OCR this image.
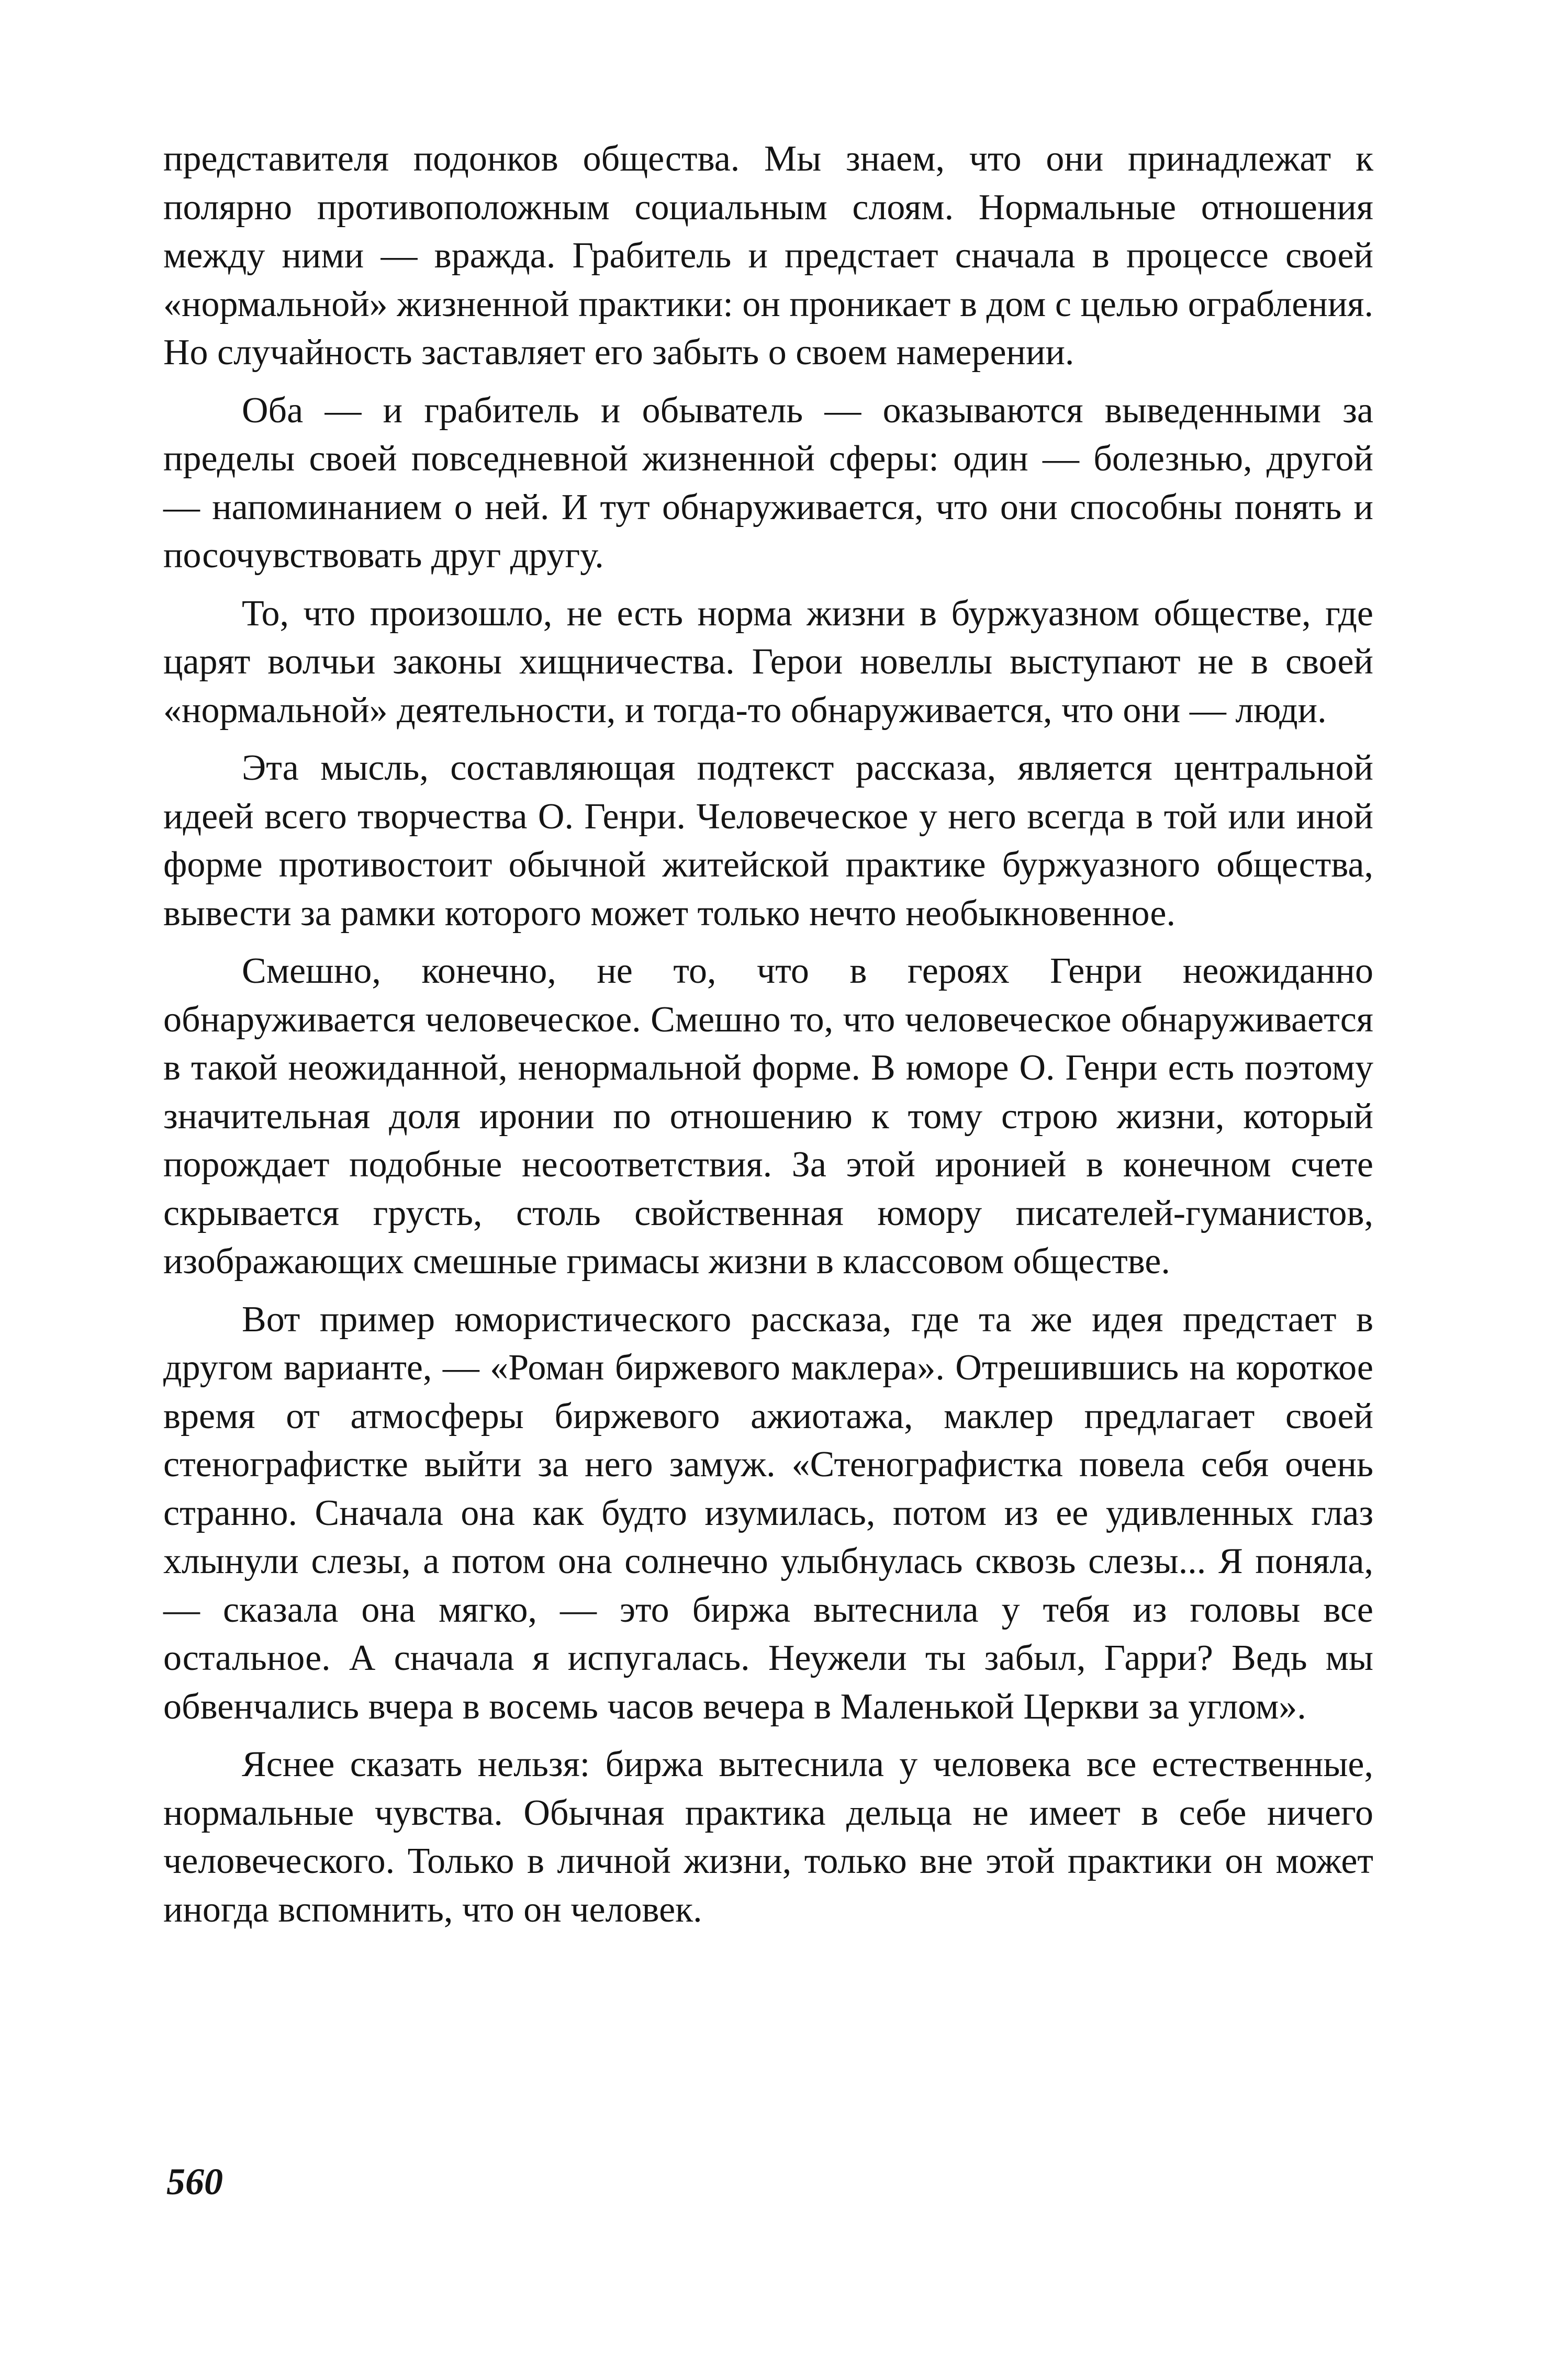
представителя подонков общества. Мы знаем, что они принадлежат к полярно противоположным социальным слоям. Нормальные отношения между ними — вражда. Грабитель и предстает сначала в процессе своей «нормальной» жизненной практики: он проникает в дом с целью ограбления. Но случайность заставляет его забыть о своем намерении.

Оба — и грабитель и обыватель — оказываются выведенными за пределы своей повседневной жизненной сферы: один — болезнью, другой — напоминанием о ней. И тут обнаруживается, что они способны понять и посочувствовать друг другу.

То, что произошло, не есть норма жизни в буржуазном обществе, где царят волчьи законы хищничества. Герои новеллы выступают не в своей «нормальной» деятельности, и тогда-то обнаруживается, что они — люди.

Эта мысль, составляющая подтекст рассказа, является центральной идеей всего творчества О. Генри. Человеческое у него всегда в той или иной форме противостоит обычной житейской практике буржуазного общества, вывести за рамки которого может только нечто необыкновенное.

Смешно, конечно, не то, что в героях Генри неожиданно обнаруживается человеческое. Смешно то, что человеческое обнаруживается в такой неожиданной, ненормальной форме. В юморе О. Генри есть поэтому значительная доля иронии по отношению к тому строю жизни, который порождает подобные несоответствия. За этой иронией в конечном счете скрывается грусть, столь свойственная юмору писателей-гуманистов, изображающих смешные гримасы жизни в классовом обществе.

Вот пример юмористического рассказа, где та же идея предстает в другом варианте, — «Роман биржевого маклера». Отрешившись на короткое время от атмосферы биржевого ажиотажа, маклер предлагает своей стенографистке выйти за него замуж. «Стенографистка повела себя очень странно. Сначала она как будто изумилась, потом из ее удивленных глаз хлынули слезы, а потом она солнечно улыбнулась сквозь слезы... Я поняла, — сказала она мягко, — это биржа вытеснила у тебя из головы все остальное. А сначала я испугалась. Неужели ты забыл, Гарри? Ведь мы обвенчались вчера в восемь часов вечера в Маленькой Церкви за углом».

Яснее сказать нельзя: биржа вытеснила у человека все естественные, нормальные чувства. Обычная практика дельца не имеет в себе ничего человеческого. Только в личной жизни, только вне этой практики он может иногда вспомнить, что он человек.

560
